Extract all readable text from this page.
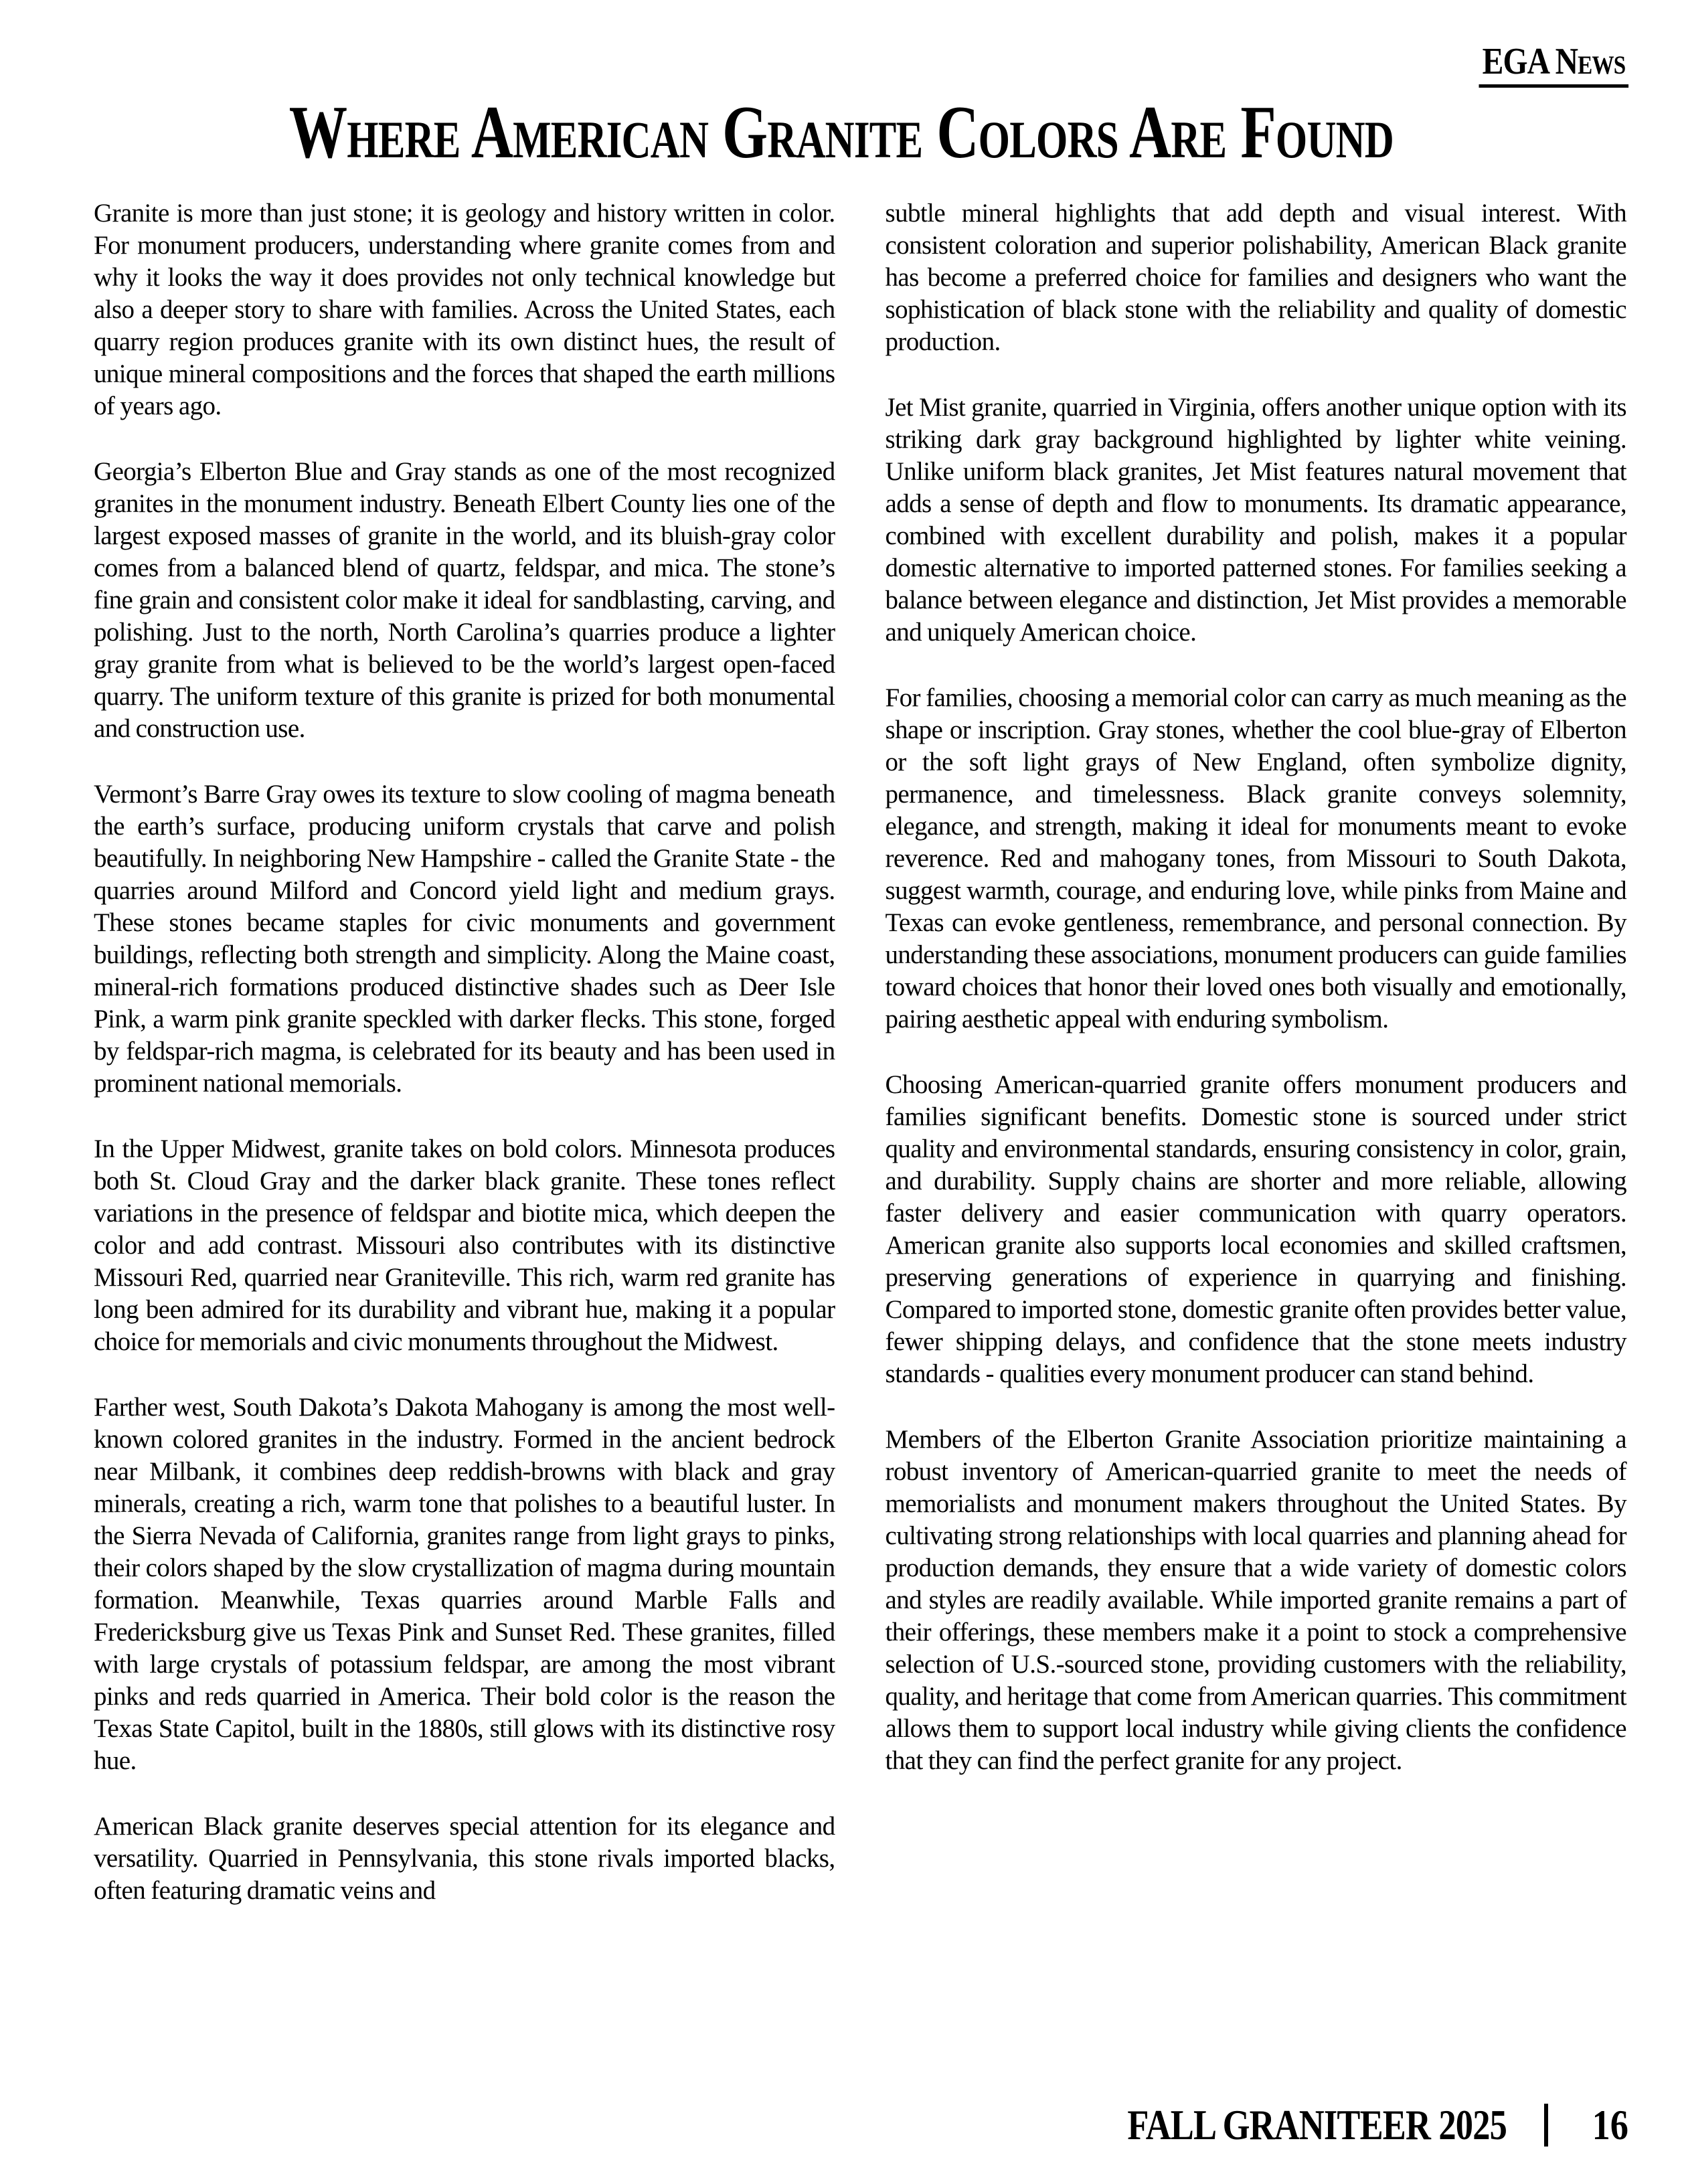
EGA News
Where American Granite Colors Are Found

Granite is more than just stone; it is geology and history written in color. For monument producers, understanding where granite comes from and why it looks the way it does provides not only technical knowledge but also a deeper story to share with families. Across the United States, each quarry region produces granite with its own distinct hues, the result of unique mineral compositions and the forces that shaped the earth millions of years ago.

Georgia’s Elberton Blue and Gray stands as one of the most recognized granites in the monument industry. Beneath Elbert County lies one of the largest exposed masses of granite in the world, and its bluish-gray color comes from a balanced blend of quartz, feldspar, and mica. The stone’s fine grain and consistent color make it ideal for sandblasting, carving, and polishing. Just to the north, North Carolina’s quarries produce a lighter gray granite from what is believed to be the world’s largest open-faced quarry. The uniform texture of this granite is prized for both monumental and construction use.

Vermont’s Barre Gray owes its texture to slow cooling of magma beneath the earth’s surface, producing uniform crystals that carve and polish beautifully. In neighboring New Hampshire - called the Granite State - the quarries around Milford and Concord yield light and medium grays. These stones became staples for civic monuments and government buildings, reflecting both strength and simplicity. Along the Maine coast, mineral-rich formations produced distinctive shades such as Deer Isle Pink, a warm pink granite speckled with darker flecks. This stone, forged by feldspar-rich magma, is celebrated for its beauty and has been used in prominent national memorials.

In the Upper Midwest, granite takes on bold colors. Minnesota produces both St. Cloud Gray and the darker black granite. These tones reflect variations in the presence of feldspar and biotite mica, which deepen the color and add contrast. Missouri also contributes with its distinctive Missouri Red, quarried near Graniteville. This rich, warm red granite has long been admired for its durability and vibrant hue, making it a popular choice for memorials and civic monuments throughout the Midwest.

Farther west, South Dakota’s Dakota Mahogany is among the most well-known colored granites in the industry. Formed in the ancient bedrock near Milbank, it combines deep reddish-browns with black and gray minerals, creating a rich, warm tone that polishes to a beautiful luster. In the Sierra Nevada of California, granites range from light grays to pinks, their colors shaped by the slow crystallization of magma during mountain formation. Meanwhile, Texas quarries around Marble Falls and Fredericksburg give us Texas Pink and Sunset Red. These granites, filled with large crystals of potassium feldspar, are among the most vibrant pinks and reds quarried in America. Their bold color is the reason the Texas State Capitol, built in the 1880s, still glows with its distinctive rosy hue.

American Black granite deserves special attention for its elegance and versatility. Quarried in Pennsylvania, this stone rivals imported blacks, often featuring dramatic veins and

subtle mineral highlights that add depth and visual interest. With consistent coloration and superior polishability, American Black granite has become a preferred choice for families and designers who want the sophistication of black stone with the reliability and quality of domestic production.

Jet Mist granite, quarried in Virginia, offers another unique option with its striking dark gray background highlighted by lighter white veining. Unlike uniform black granites, Jet Mist features natural movement that adds a sense of depth and flow to monuments. Its dramatic appearance, combined with excellent durability and polish, makes it a popular domestic alternative to imported patterned stones. For families seeking a balance between elegance and distinction, Jet Mist provides a memorable and uniquely American choice.

For families, choosing a memorial color can carry as much meaning as the shape or inscription. Gray stones, whether the cool blue-gray of Elberton or the soft light grays of New England, often symbolize dignity, permanence, and timelessness. Black granite conveys solemnity, elegance, and strength, making it ideal for monuments meant to evoke reverence. Red and mahogany tones, from Missouri to South Dakota, suggest warmth, courage, and enduring love, while pinks from Maine and Texas can evoke gentleness, remembrance, and personal connection. By understanding these associations, monument producers can guide families toward choices that honor their loved ones both visually and emotionally, pairing aesthetic appeal with enduring symbolism.

Choosing American-quarried granite offers monument producers and families significant benefits. Domestic stone is sourced under strict quality and environmental standards, ensuring consistency in color, grain, and durability. Supply chains are shorter and more reliable, allowing faster delivery and easier communication with quarry operators. American granite also supports local economies and skilled craftsmen, preserving generations of experience in quarrying and finishing. Compared to imported stone, domestic granite often provides better value, fewer shipping delays, and confidence that the stone meets industry standards - qualities every monument producer can stand behind.

Members of the Elberton Granite Association prioritize maintaining a robust inventory of American-quarried granite to meet the needs of memorialists and monument makers throughout the United States. By cultivating strong relationships with local quarries and planning ahead for production demands, they ensure that a wide variety of domestic colors and styles are readily available. While imported granite remains a part of their offerings, these members make it a point to stock a comprehensive selection of U.S.-sourced stone, providing customers with the reliability, quality, and heritage that come from American quarries. This commitment allows them to support local industry while giving clients the confidence that they can find the perfect granite for any project.

FALL GRANITEER 2025 16
